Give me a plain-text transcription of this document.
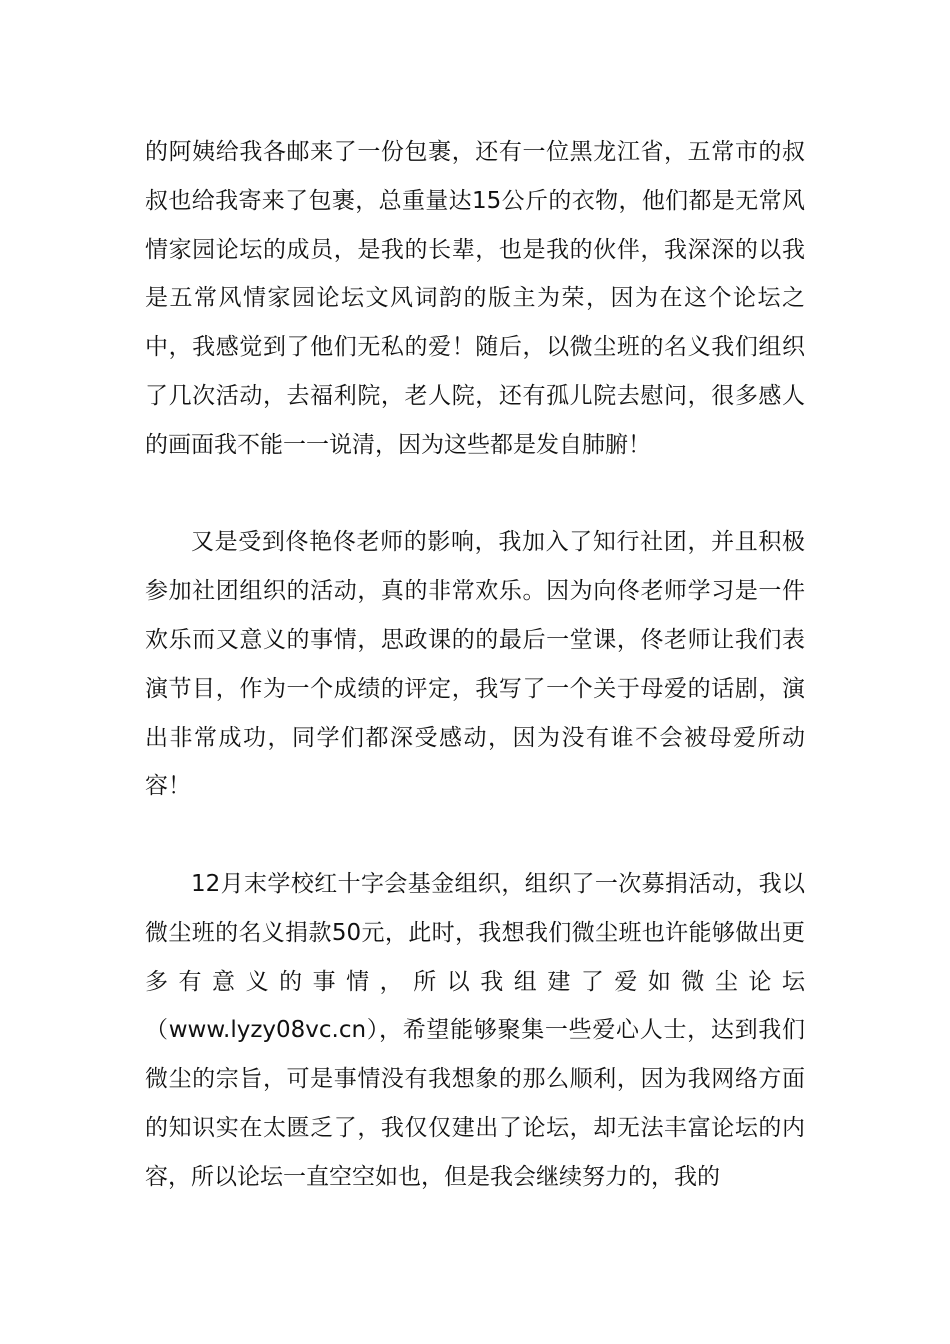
的阿姨给我各邮来了一份包裹，还有一位黑龙江省，五常市的叔叔也给我寄来了包裹，总重量达15公斤的衣物，他们都是无常风情家园论坛的成员，是我的长辈，也是我的伙伴，我深深的以我是五常风情家园论坛文风词韵的版主为荣，因为在这个论坛之中，我感觉到了他们无私的爱！随后，以微尘班的名义我们组织了几次活动，去福利院，老人院，还有孤儿院去慰问，很多感人的画面我不能一一说清，因为这些都是发自肺腑！

又是受到佟艳佟老师的影响，我加入了知行社团，并且积极参加社团组织的活动，真的非常欢乐。因为向佟老师学习是一件欢乐而又意义的事情，思政课的的最后一堂课，佟老师让我们表演节目，作为一个成绩的评定，我写了一个关于母爱的话剧，演出非常成功，同学们都深受感动，因为没有谁不会被母爱所动容！

12月末学校红十字会基金组织，组织了一次募捐活动，我以微尘班的名义捐款50元，此时，我想我们微尘班也许能够做出更多有意义的事情，所以我组建了爱如微尘论坛（www.lyzy08vc.cn），希望能够聚集一些爱心人士，达到我们微尘的宗旨，可是事情没有我想象的那么顺利，因为我网络方面的知识实在太匮乏了，我仅仅建出了论坛，却无法丰富论坛的内容，所以论坛一直空空如也，但是我会继续努力的，我的
